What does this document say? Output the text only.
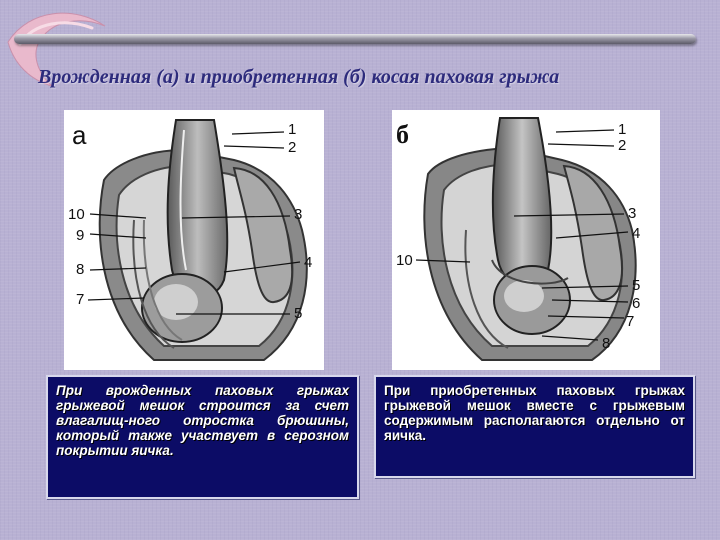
Врожденная (а) и приобретенная (б) косая паховая грыжа
а	1
2
3
4
5
7
8
9
10
б	1
2
3
4
5
6
7
8
10
При врожденных паховых грыжах грыжевой мешок строится за счет влагалищ-ного отростка брюшины, который также участвует в серозном покрытии яичка.
При приобретенных паховых грыжах грыжевой мешок вместе с грыжевым содержимым располагаются отдельно от яичка.
